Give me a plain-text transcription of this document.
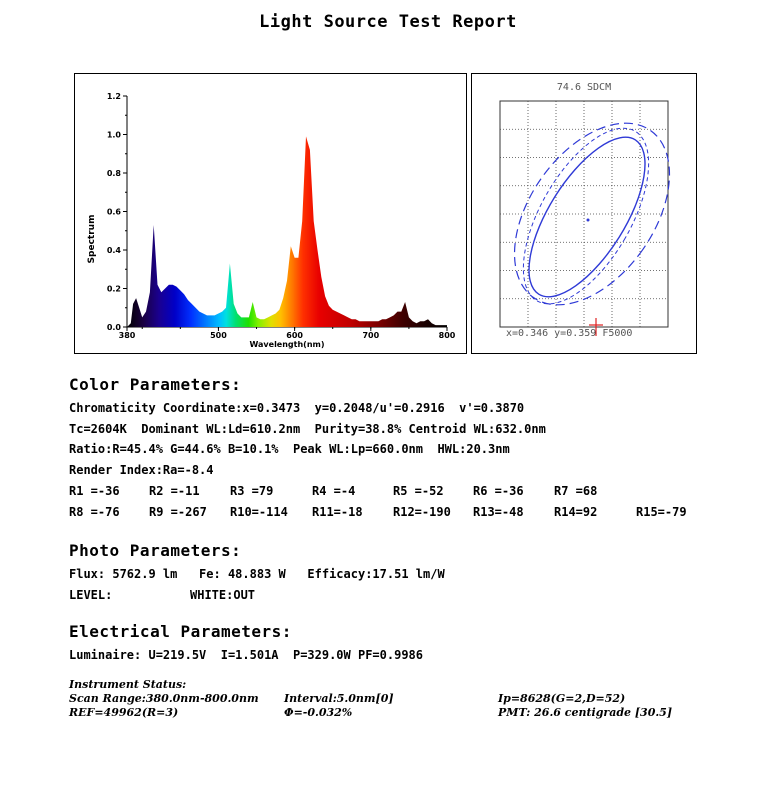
Light Source Test Report
0.0
0.2
0.4
0.6
0.8
1.0
1.2
380	500	600	700	800
Spectrum
Wavelength(nm)
74.6 SDCM
x=0.346 y=0.359 F5000
Color Parameters:
Chromaticity Coordinate:x=0.3473  y=0.2048/u'=0.2916  v'=0.3870
Tc=2604K  Dominant WL:Ld=610.2nm  Purity=38.8% Centroid WL:632.0nm
Ratio:R=45.4% G=44.6% B=10.1%  Peak WL:Lp=660.0nm  HWL:20.3nm
Render Index:Ra=-8.4
R1 =-36 R2 =-11	R3 =79	R4 =-4	R5 =-52 R6 =-36	R7 =68
R8 =-76 R9 =-267 R10=-114 R11=-18	R12=-190 R13=-48	R14=92	R15=-79
Photo Parameters:
Flux: 5762.9 lm   Fe: 48.883 W   Efficacy:17.51 lm/W
LEVEL:	WHITE:OUT
Electrical Parameters:
Luminaire: U=219.5V  I=1.501A  P=329.0W PF=0.9986
Instrument Status:
Scan Range:380.0nm-800.0nm Interval:5.0nm[0]	Ip=8628(G=2,D=52)
REF=49962(R=3)	Φ=-0.032%	PMT: 26.6 centigrade [30.5]
